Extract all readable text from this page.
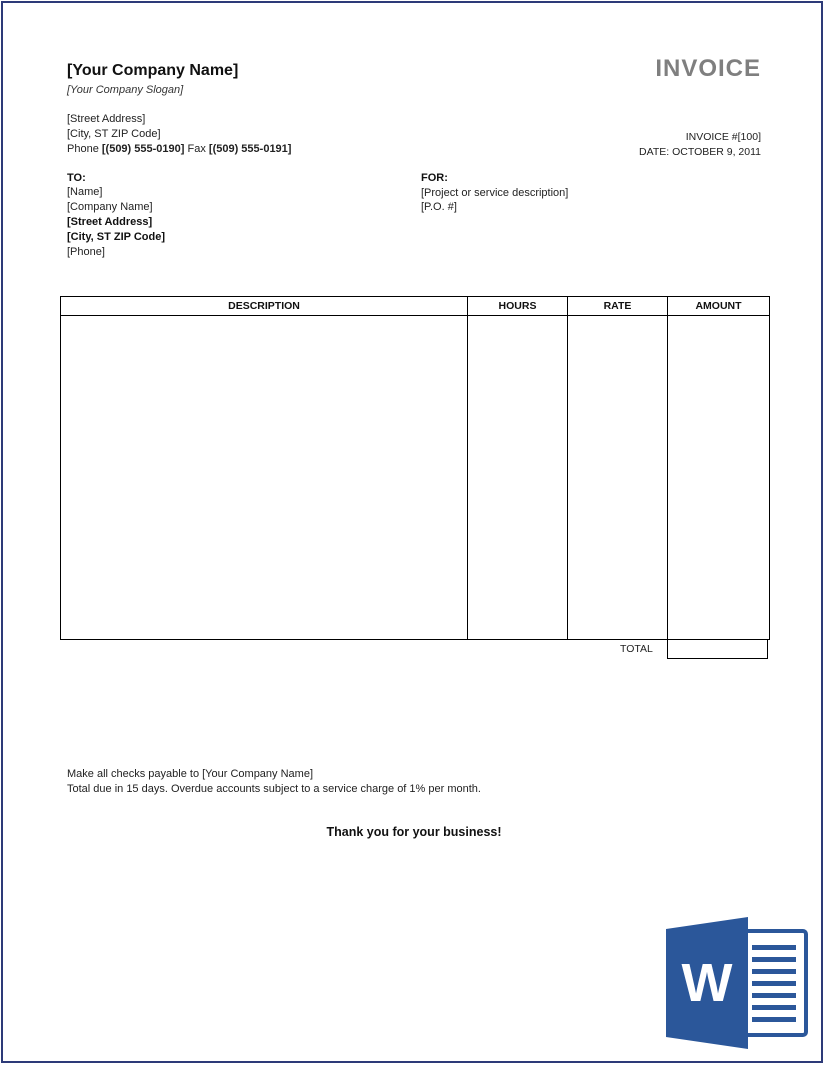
[Your Company Name]
[Your Company Slogan]
[Street Address]
[City, ST ZIP Code]
Phone [(509) 555-0190] Fax [(509) 555-0191]
INVOICE
INVOICE #[100]
DATE: OCTOBER 9, 2011
TO:
[Name]
[Company Name]
[Street Address]
[City, ST ZIP Code]
[Phone]
FOR:
[Project or service description]
[P.O. #]
DESCRIPTION	HOURS	RATE	AMOUNT

TOTAL
Make all checks payable to [Your Company Name]
Total due in 15 days. Overdue accounts subject to a service charge of 1% per month.
Thank you for your business!
W
